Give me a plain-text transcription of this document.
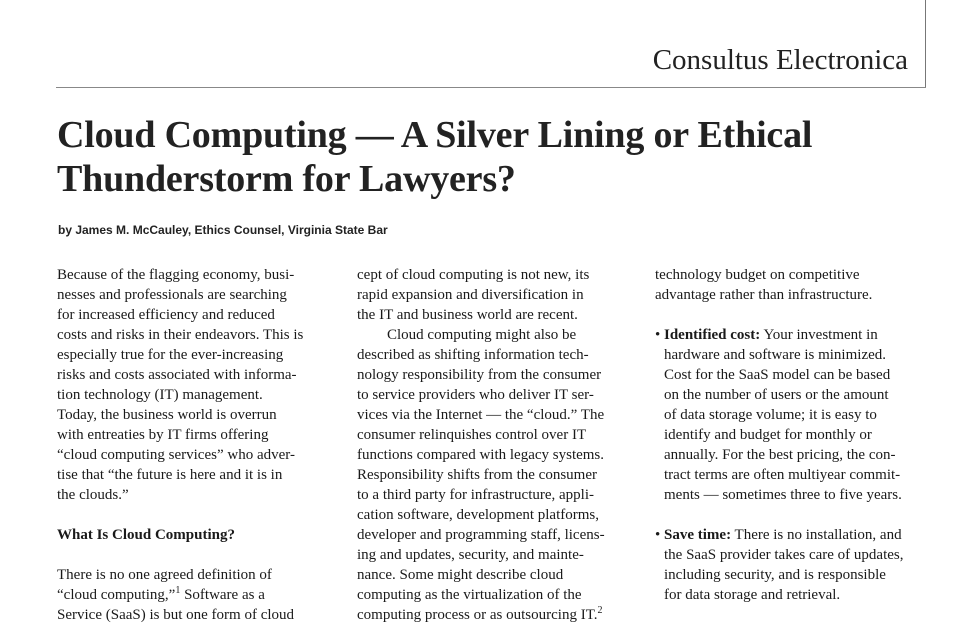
Consultus Electronica
Cloud Computing — A Silver Lining or Ethical
Thunderstorm for Lawyers?

by James M. McCauley, Ethics Counsel, Virginia State Bar

Because of the flagging economy, busi-
nesses and professionals are searching
for increased efficiency and reduced
costs and risks in their endeavors. This is
especially true for the ever-increasing
risks and costs associated with informa-
tion technology (IT) management.
Today, the business world is overrun
with entreaties by IT firms offering
“cloud computing services” who adver-
tise that “the future is here and it is in
the clouds.”
What Is Cloud Computing?
There is no one agreed definition of
“cloud computing,”$^1$ Software as a
Service (SaaS) is but one form of cloud
cept of cloud computing is not new, its
rapid expansion and diversification in
the IT and business world are recent.
Cloud computing might also be
described as shifting information tech-
nology responsibility from the consumer
to service providers who deliver IT ser-
vices via the Internet — the “cloud.” The
consumer relinquishes control over IT
functions compared with legacy systems.
Responsibility shifts from the consumer
to a third party for infrastructure, appli-
cation software, development platforms,
developer and programming staff, licens-
ing and updates, security, and mainte-
nance. Some might describe cloud
computing as the virtualization of the
computing process or as outsourcing IT.$^2$
technology budget on competitive
advantage rather than infrastructure.
• Identified cost: Your investment in
hardware and software is minimized.
Cost for the SaaS model can be based
on the number of users or the amount
of data storage volume; it is easy to
identify and budget for monthly or
annually. For the best pricing, the con-
tract terms are often multiyear commit-
ments — sometimes three to five years.
• Save time: There is no installation, and
the SaaS provider takes care of updates,
including security, and is responsible
for data storage and retrieval.
